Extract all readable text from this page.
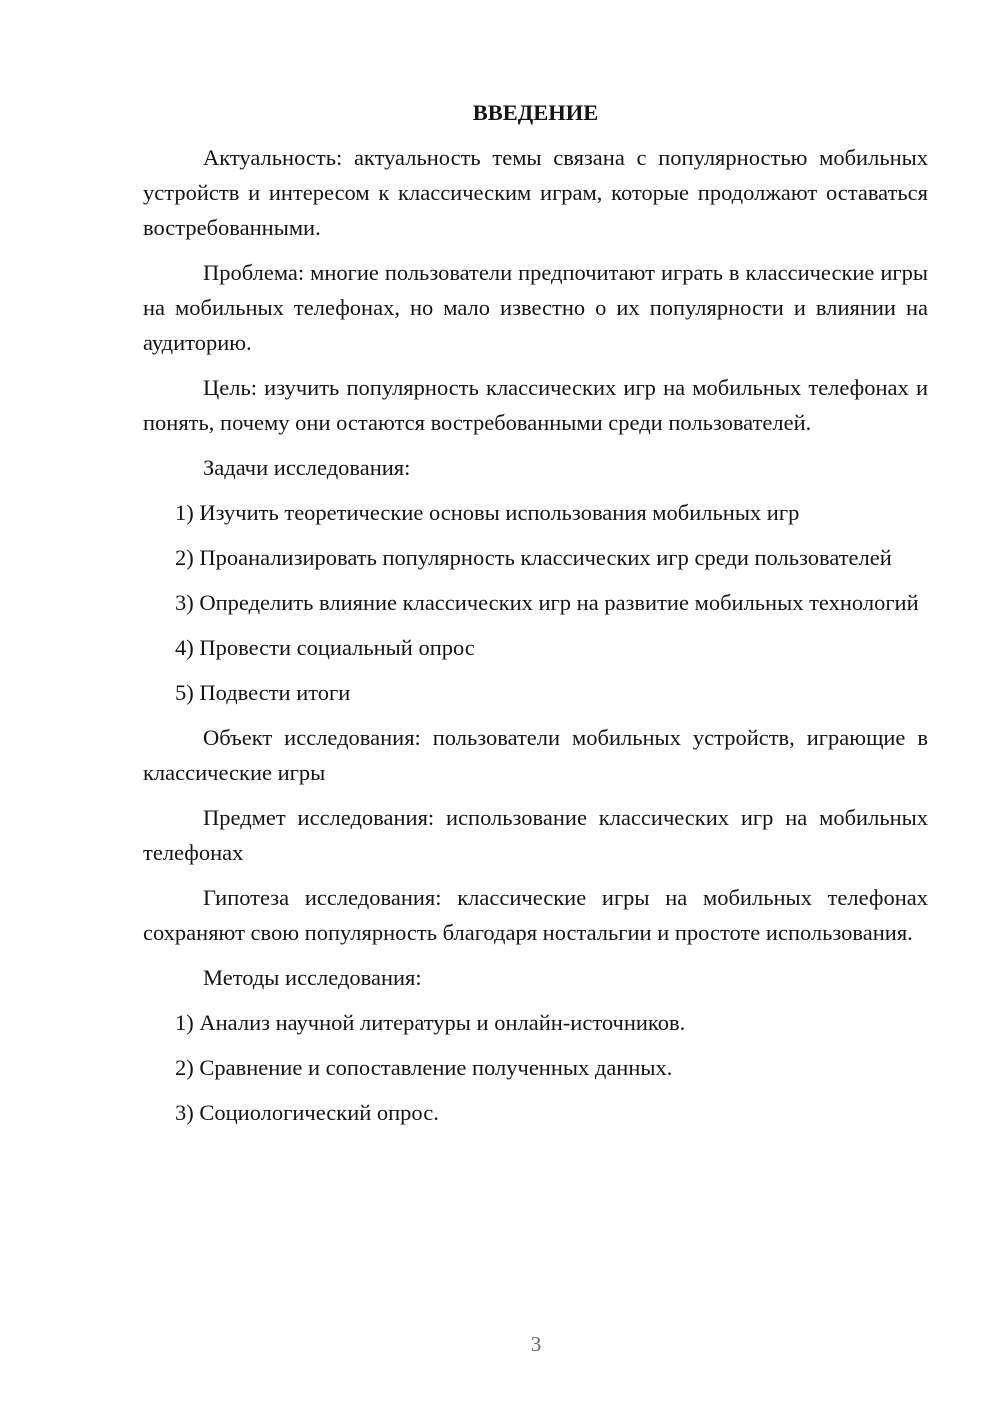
ВВЕДЕНИЕ

Актуальность: актуальность темы связана с популярностью мобильных устройств и интересом к классическим играм, которые продолжают оставаться востребованными.

Проблема: многие пользователи предпочитают играть в классические игры на мобильных телефонах, но мало известно о их популярности и влиянии на аудиторию.

Цель: изучить популярность классических игр на мобильных телефонах и понять, почему они остаются востребованными среди пользователей.

Задачи исследования:

1) Изучить теоретические основы использования мобильных игр

2) Проанализировать популярность классических игр среди пользователей

3) Определить влияние классических игр на развитие мобильных технологий

4) Провести социальный опрос

5) Подвести итоги

Объект исследования: пользователи мобильных устройств, играющие в классические игры

Предмет исследования: использование классических игр на мобильных телефонах

Гипотеза исследования: классические игры на мобильных телефонах сохраняют свою популярность благодаря ностальгии и простоте использования.

Методы исследования:

1) Анализ научной литературы и онлайн-источников.

2) Сравнение и сопоставление полученных данных.

3) Социологический опрос.

3
